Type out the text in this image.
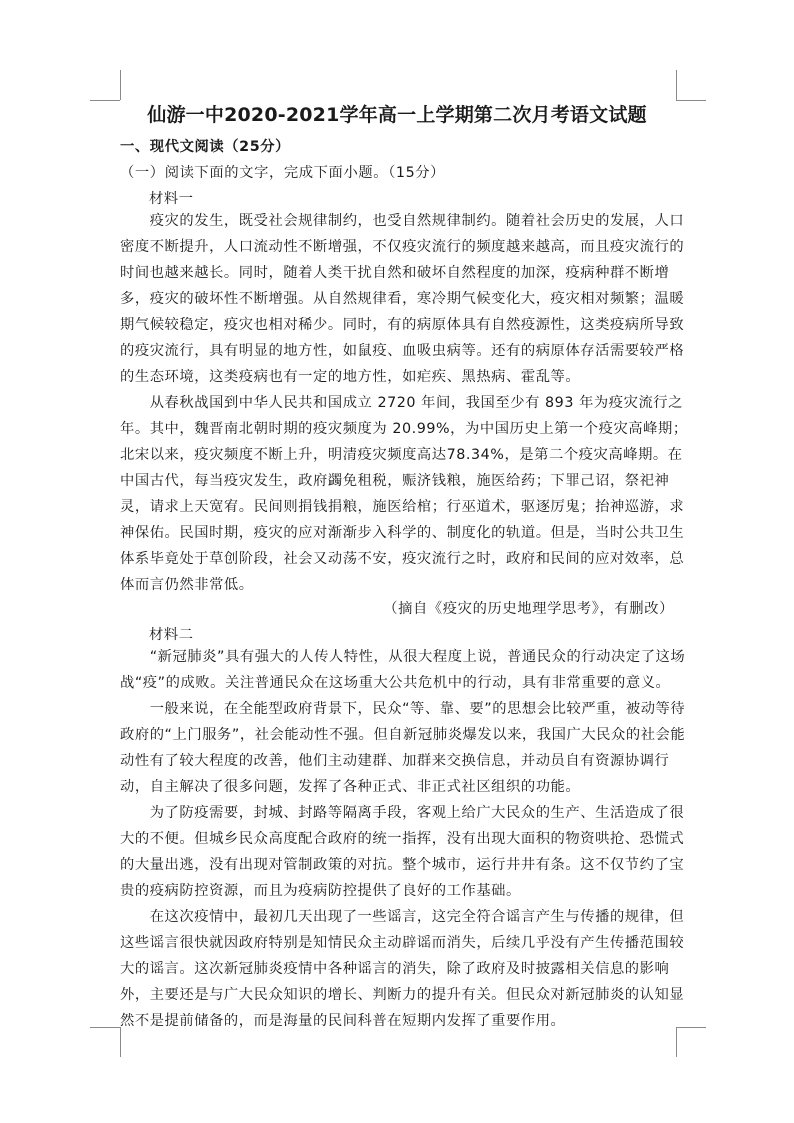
仙游一中2020-2021学年高一上学期第二次月考语文试题

一、现代文阅读（25分）

（一）阅读下面的文字，完成下面小题。（15分）

材料一

　　疫灾的发生，既受社会规律制约，也受自然规律制约。随着社会历史的发展，人口
密度不断提升，人口流动性不断增强，不仅疫灾流行的频度越来越高，而且疫灾流行的
时间也越来越长。同时，随着人类干扰自然和破坏自然程度的加深，疫病种群不断增
多，疫灾的破坏性不断增强。从自然规律看，寒冷期气候变化大，疫灾相对频繁；温暖
期气候较稳定，疫灾也相对稀少。同时，有的病原体具有自然疫源性，这类疫病所导致
的疫灾流行，具有明显的地方性，如鼠疫、血吸虫病等。还有的病原体存活需要较严格
的生态环境，这类疫病也有一定的地方性，如疟疾、黑热病、霍乱等。
　　从春秋战国到中华人民共和国成立 2720 年间，我国至少有 893 年为疫灾流行之
年。其中，魏晋南北朝时期的疫灾频度为 20.99%，为中国历史上第一个疫灾高峰期；
北宋以来，疫灾频度不断上升，明清疫灾频度高达78.34%，是第二个疫灾高峰期。在
中国古代，每当疫灾发生，政府蠲免租税，赈济钱粮，施医给药；下罪己诏，祭祀神
灵，请求上天宽宥。民间则捐钱捐粮，施医给棺；行巫道术，驱逐厉鬼；抬神巡游，求
神保佑。民国时期，疫灾的应对渐渐步入科学的、制度化的轨道。但是，当时公共卫生
体系毕竟处于草创阶段，社会又动荡不安，疫灾流行之时，政府和民间的应对效率，总
体而言仍然非常低。

（摘自《疫灾的历史地理学思考》，有删改）

材料二

　　“新冠肺炎”具有强大的人传人特性，从很大程度上说，普通民众的行动决定了这场
战“疫”的成败。关注普通民众在这场重大公共危机中的行动，具有非常重要的意义。
　　一般来说，在全能型政府背景下，民众“等、靠、要”的思想会比较严重，被动等待
政府的“上门服务”，社会能动性不强。但自新冠肺炎爆发以来，我国广大民众的社会能
动性有了较大程度的改善，他们主动建群、加群来交换信息，并动员自有资源协调行
动，自主解决了很多问题，发挥了各种正式、非正式社区组织的功能。
　　为了防疫需要，封城、封路等隔离手段，客观上给广大民众的生产、生活造成了很
大的不便。但城乡民众高度配合政府的统一指挥，没有出现大面积的物资哄抢、恐慌式
的大量出逃，没有出现对管制政策的对抗。整个城市，运行井井有条。这不仅节约了宝
贵的疫病防控资源，而且为疫病防控提供了良好的工作基础。
　　在这次疫情中，最初几天出现了一些谣言，这完全符合谣言产生与传播的规律，但
这些谣言很快就因政府特别是知情民众主动辟谣而消失，后续几乎没有产生传播范围较
大的谣言。这次新冠肺炎疫情中各种谣言的消失，除了政府及时披露相关信息的影响
外，主要还是与广大民众知识的增长、判断力的提升有关。但民众对新冠肺炎的认知显
然不是提前储备的，而是海量的民间科普在短期内发挥了重要作用。
